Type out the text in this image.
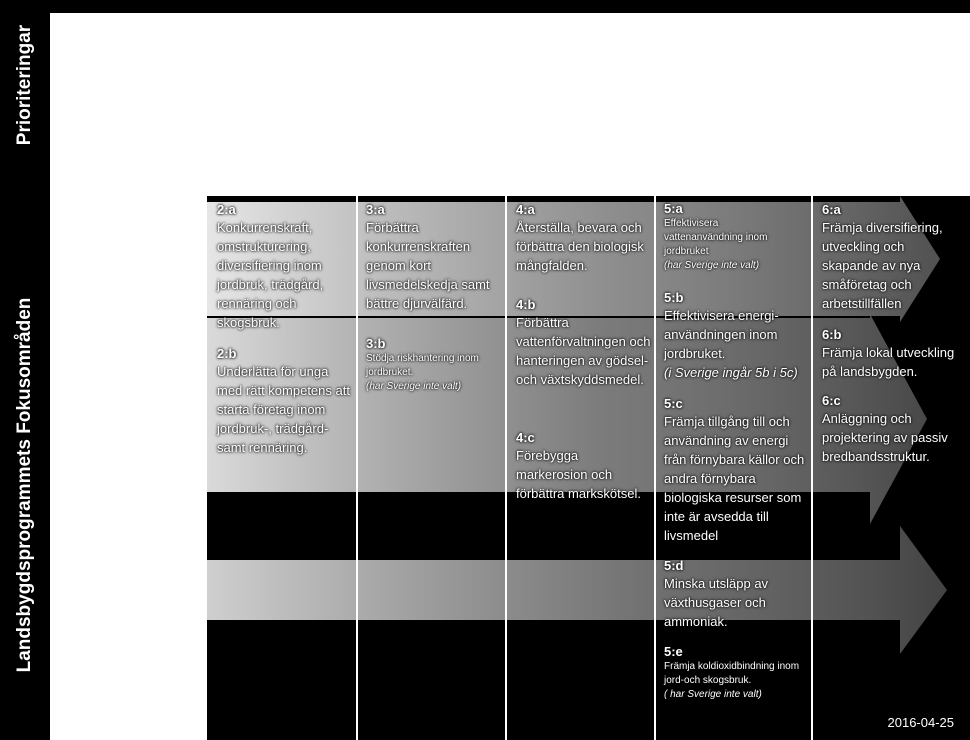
Prioriteringar
Landsbygdsprogrammets Fokusområden
2:a
Konkurrenskraft, omstrukturering, diversifiering inom jordbruk, trädgård, rennäring och skogsbruk.
2:b
Underlätta för unga med rätt kompetens att starta företag inom jordbruk-, trädgård- samt rennäring.
3:a
Förbättra konkurrenskraften genom kort livsmedelskedja samt bättre djurvälfärd.
3:b
Stödja riskhantering inom jordbruket.
(har Sverige inte valt)
4:a
Återställa, bevara och förbättra den biologisk mångfalden.
4:b
Förbättra vattenförvaltningen och hanteringen av gödsel- och växtskyddsmedel.
4:c
Förebygga markerosion och förbättra markskötsel.
5:a
Effektivisera vattenanvändning inom jordbruket
(har Sverige inte valt)
5:b
Effektivisera energi-användningen inom jordbruket.
(i Sverige ingår 5b i 5c)
5:c
Främja tillgång till och användning av energi från förnybara källor och andra förnybara biologiska resurser som inte är avsedda till livsmedel
5:d
Minska utsläpp av växthusgaser och ammoniak.
5:e
Främja koldioxidbindning inom jord-och skogsbruk.
( har Sverige inte valt)
6:a
Främja diversifiering, utveckling och skapande av nya småföretag och arbetstillfällen
6:b
Främja lokal utveckling på landsbygden.
6:c
Anläggning och projektering av passiv bredbandsstruktur.
2016-04-25
